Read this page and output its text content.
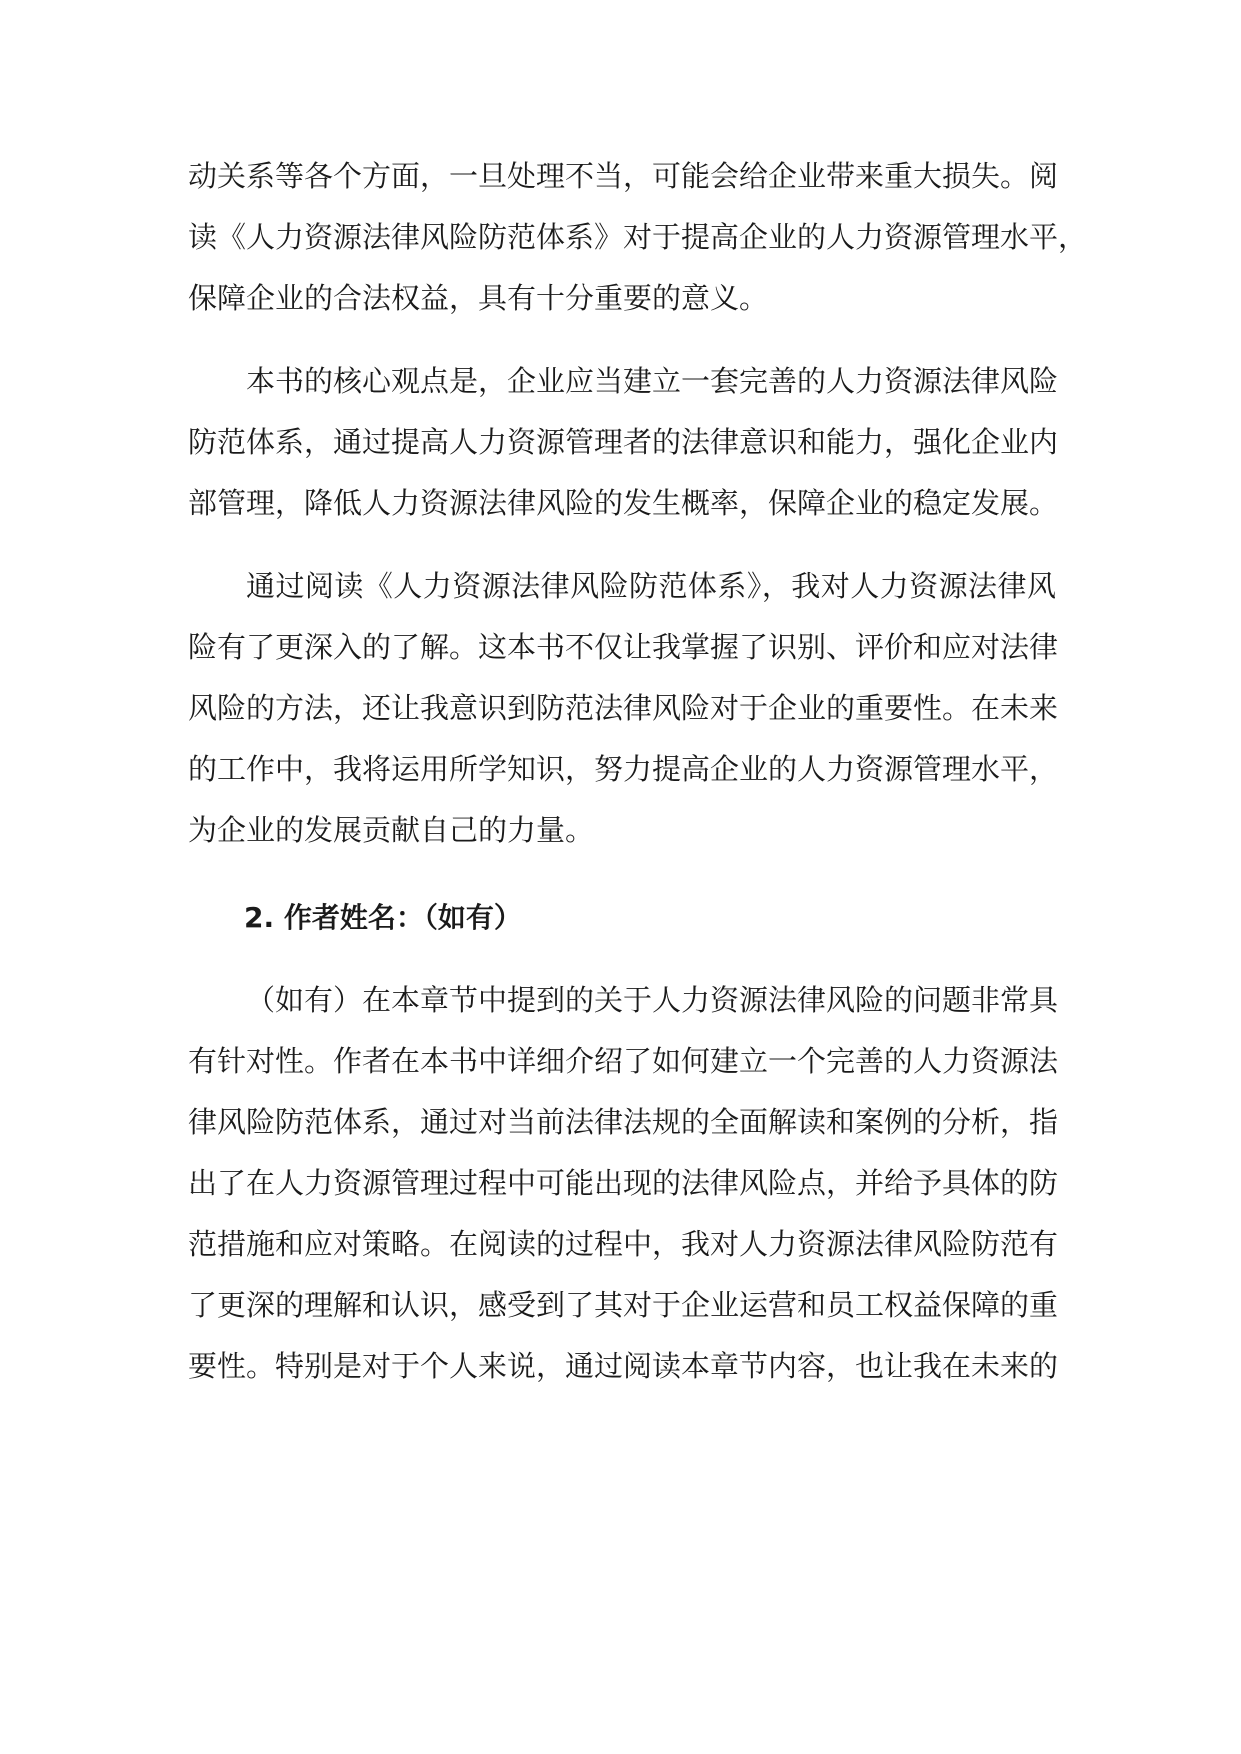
动关系等各个方面，一旦处理不当，可能会给企业带来重大损失。阅
读《人力资源法律风险防范体系》对于提高企业的人力资源管理水平，
保障企业的合法权益，具有十分重要的意义。
本书的核心观点是，企业应当建立一套完善的人力资源法律风险
防范体系，通过提高人力资源管理者的法律意识和能力，强化企业内
部管理，降低人力资源法律风险的发生概率，保障企业的稳定发展。
通过阅读《人力资源法律风险防范体系》，我对人力资源法律风
险有了更深入的了解。这本书不仅让我掌握了识别、评价和应对法律
风险的方法，还让我意识到防范法律风险对于企业的重要性。在未来
的工作中，我将运用所学知识，努力提高企业的人力资源管理水平，
为企业的发展贡献自己的力量。
2. 作者姓名：（如有）
（如有）在本章节中提到的关于人力资源法律风险的问题非常具
有针对性。作者在本书中详细介绍了如何建立一个完善的人力资源法
律风险防范体系，通过对当前法律法规的全面解读和案例的分析，指
出了在人力资源管理过程中可能出现的法律风险点，并给予具体的防
范措施和应对策略。在阅读的过程中，我对人力资源法律风险防范有
了更深的理解和认识，感受到了其对于企业运营和员工权益保障的重
要性。特别是对于个人来说，通过阅读本章节内容，也让我在未来的
